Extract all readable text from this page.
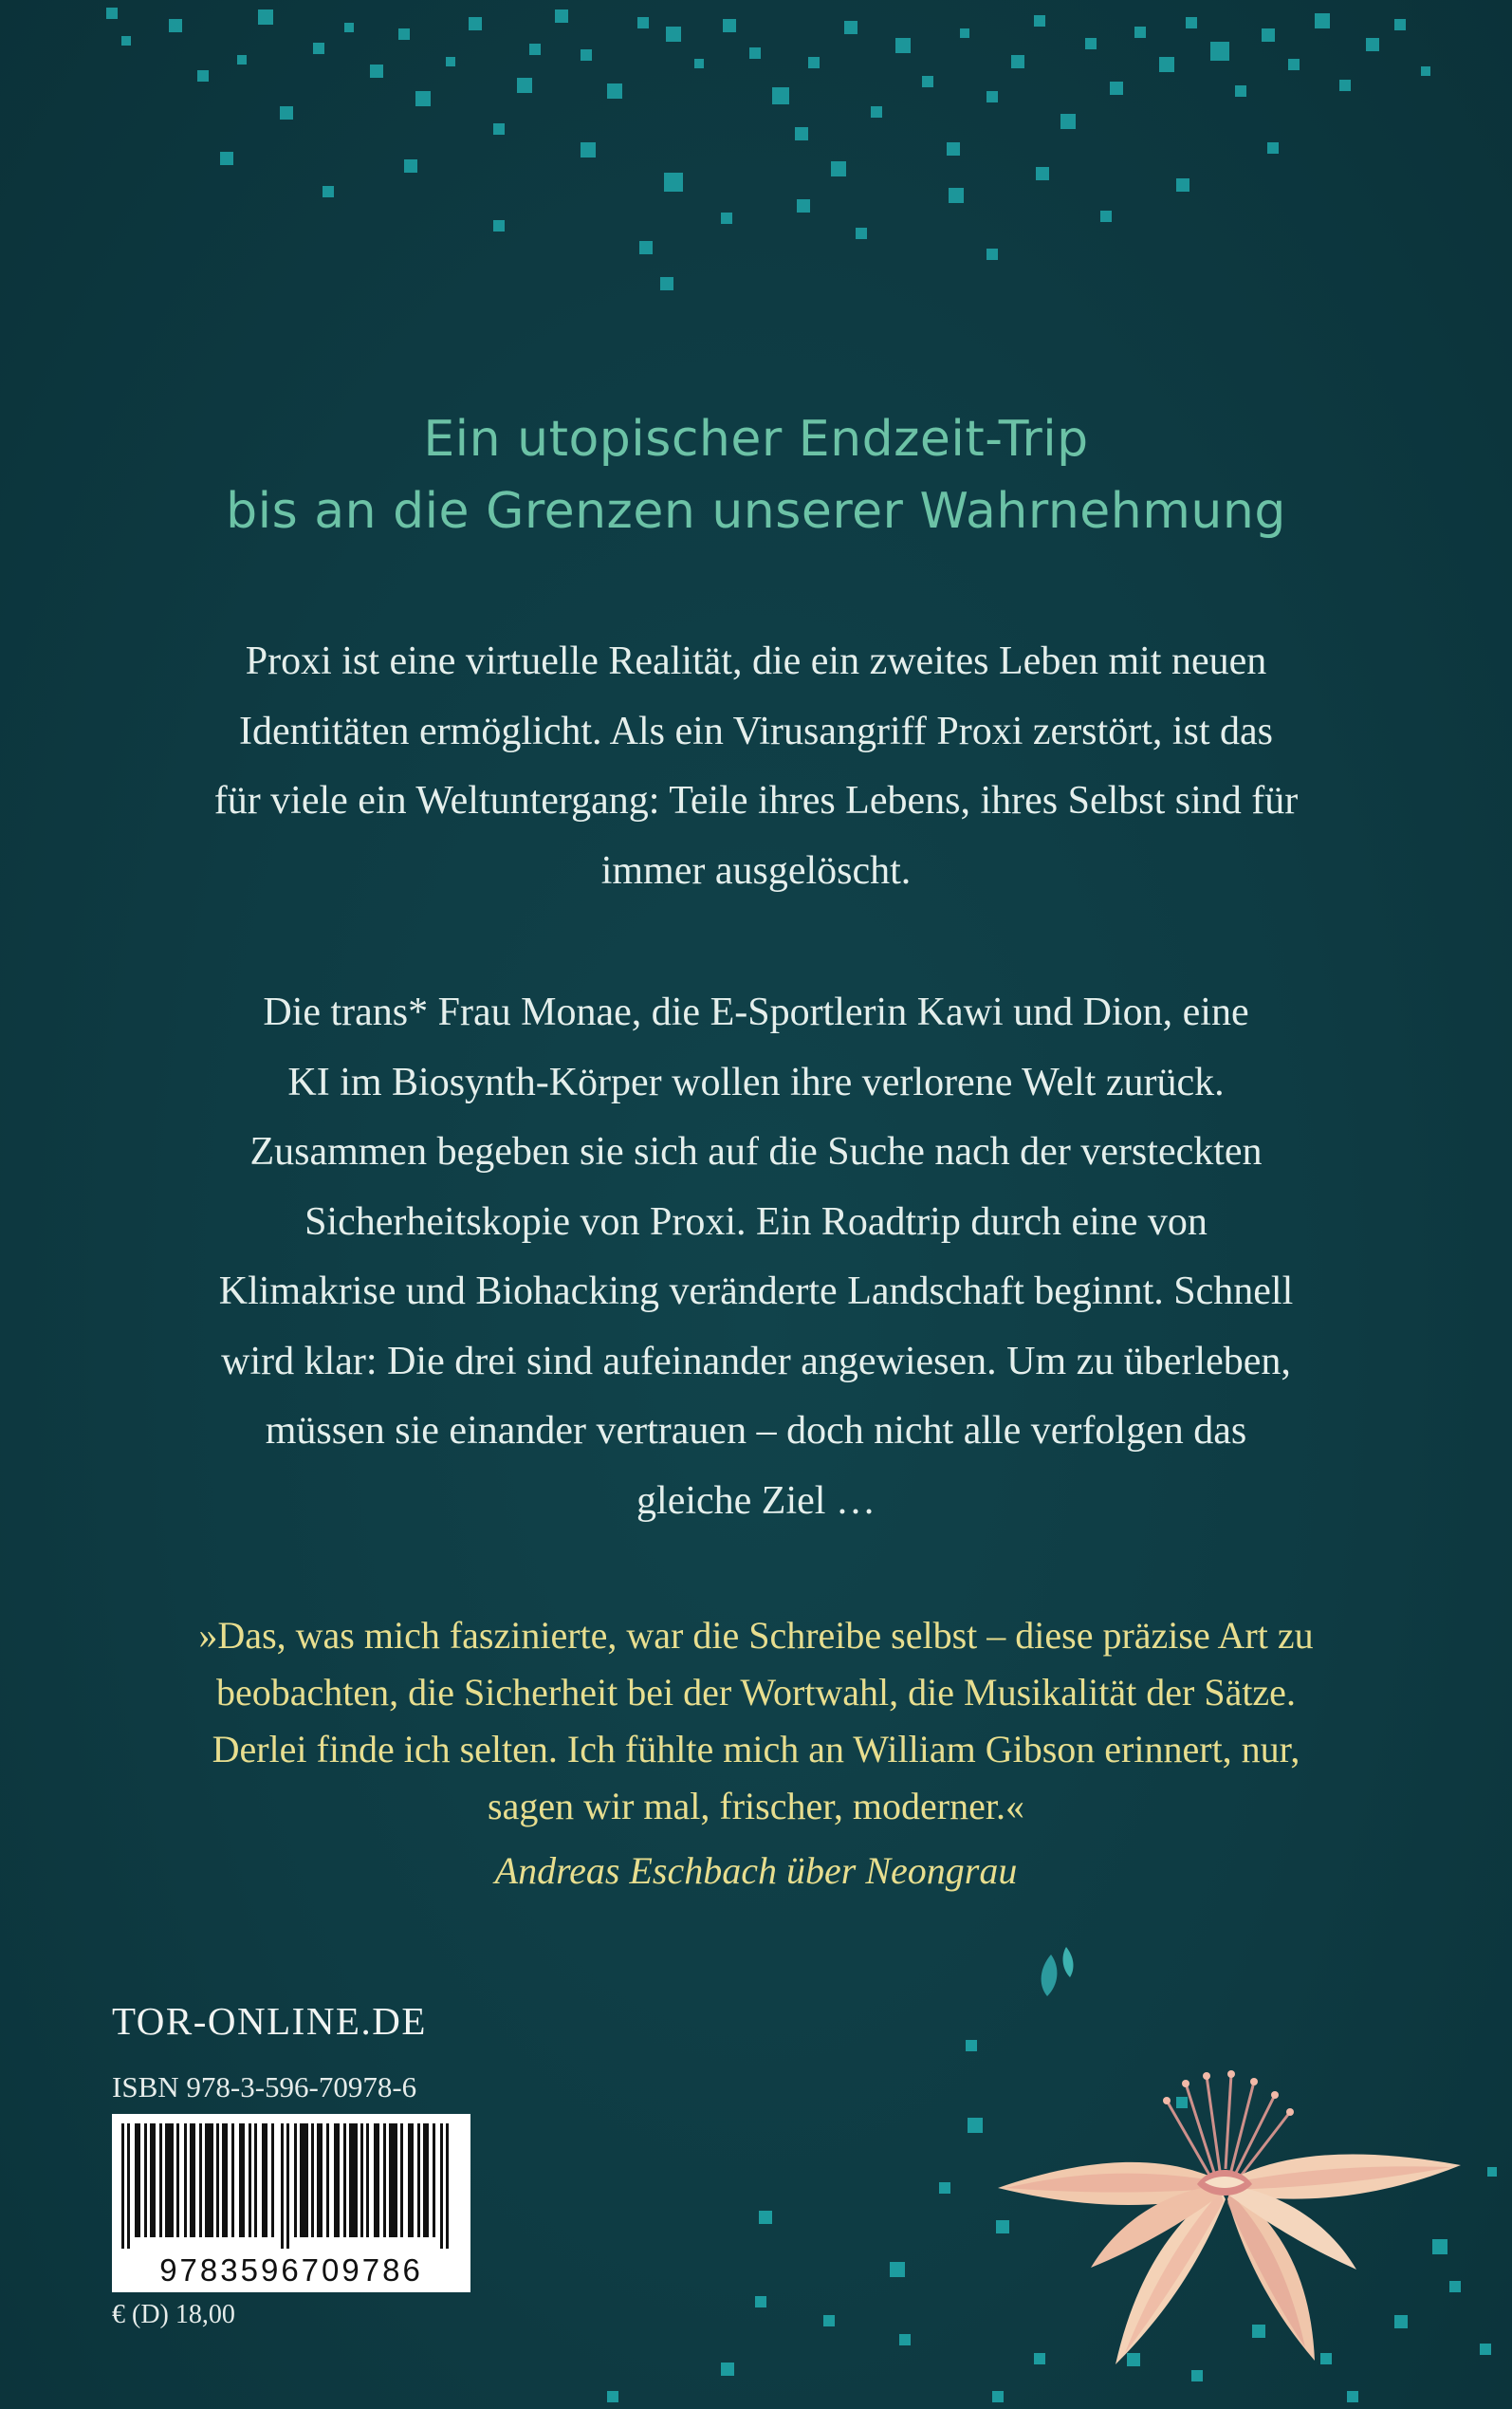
Ein utopischer Endzeit-Trip
bis an die Grenzen unserer Wahrnehmung
Proxi ist eine virtuelle Realität, die ein zweites Leben mit neuen
Identitäten ermöglicht. Als ein Virusangriff Proxi zerstört, ist das
für viele ein Weltuntergang: Teile ihres Lebens, ihres Selbst sind für
immer ausgelöscht.
Die trans* Frau Monae, die E-Sportlerin Kawi und Dion, eine
KI im Biosynth-Körper wollen ihre verlorene Welt zurück.
Zusammen begeben sie sich auf die Suche nach der versteckten
Sicherheitskopie von Proxi. Ein Roadtrip durch eine von
Klimakrise und Biohacking veränderte Landschaft beginnt. Schnell
wird klar: Die drei sind aufeinander angewiesen. Um zu überleben,
müssen sie einander vertrauen – doch nicht alle verfolgen das
gleiche Ziel …
»Das, was mich faszinierte, war die Schreibe selbst – diese präzise Art zu
beobachten, die Sicherheit bei der Wortwahl, die Musikalität der Sätze.
Derlei finde ich selten. Ich fühlte mich an William Gibson erinnert, nur,
sagen wir mal, frischer, moderner.«
Andreas Eschbach über Neongrau
TOR-ONLINE.DE
ISBN 978-3-596-70978-6
9783596709786
€ (D) 18,00
